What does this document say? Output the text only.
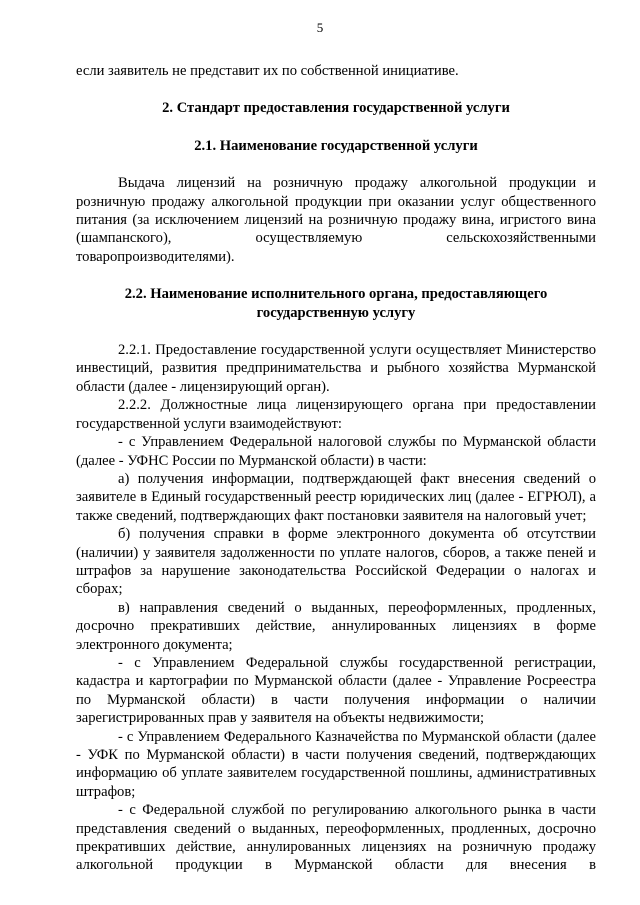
5

если заявитель не представит их по собственной инициативе.

2. Стандарт предоставления государственной услуги

2.1. Наименование государственной услуги

Выдача лицензий на розничную продажу алкогольной продукции и розничную продажу алкогольной продукции при оказании услуг общественного питания (за исключением лицензий на розничную продажу вина, игристого вина (шампанского), осуществляемую сельскохозяйственными товаропроизводителями).

2.2. Наименование исполнительного органа, предоставляющего

государственную услугу

2.2.1. Предоставление государственной услуги осуществляет Министерство инвестиций, развития предпринимательства и рыбного хозяйства Мурманской области (далее - лицензирующий орган).

2.2.2. Должностные лица лицензирующего органа при предоставлении государственной услуги взаимодействуют:

- с Управлением Федеральной налоговой службы по Мурманской области (далее - УФНС России по Мурманской области) в части:

а) получения информации, подтверждающей факт внесения сведений о заявителе в Единый государственный реестр юридических лиц (далее - ЕГРЮЛ), а также сведений, подтверждающих факт постановки заявителя на налоговый учет;

б) получения справки в форме электронного документа об отсутствии (наличии) у заявителя задолженности по уплате налогов, сборов, а также пеней и штрафов за нарушение законодательства Российской Федерации о налогах и сборах;

в) направления сведений о выданных, переоформленных, продленных, досрочно прекративших действие, аннулированных лицензиях в форме электронного документа;

- с Управлением Федеральной службы государственной регистрации, кадастра и картографии по Мурманской области (далее - Управление Росреестра по Мурманской области) в части получения информации о наличии зарегистрированных прав у заявителя на объекты недвижимости;

- с Управлением Федерального Казначейства по Мурманской области (далее - УФК по Мурманской области) в части получения сведений, подтверждающих информацию об уплате заявителем государственной пошлины, административных штрафов;

- с Федеральной службой по регулированию алкогольного рынка в части представления сведений о выданных, переоформленных, продленных, досрочно прекративших действие, аннулированных лицензиях на розничную продажу алкогольной продукции в Мурманской области для внесения в
